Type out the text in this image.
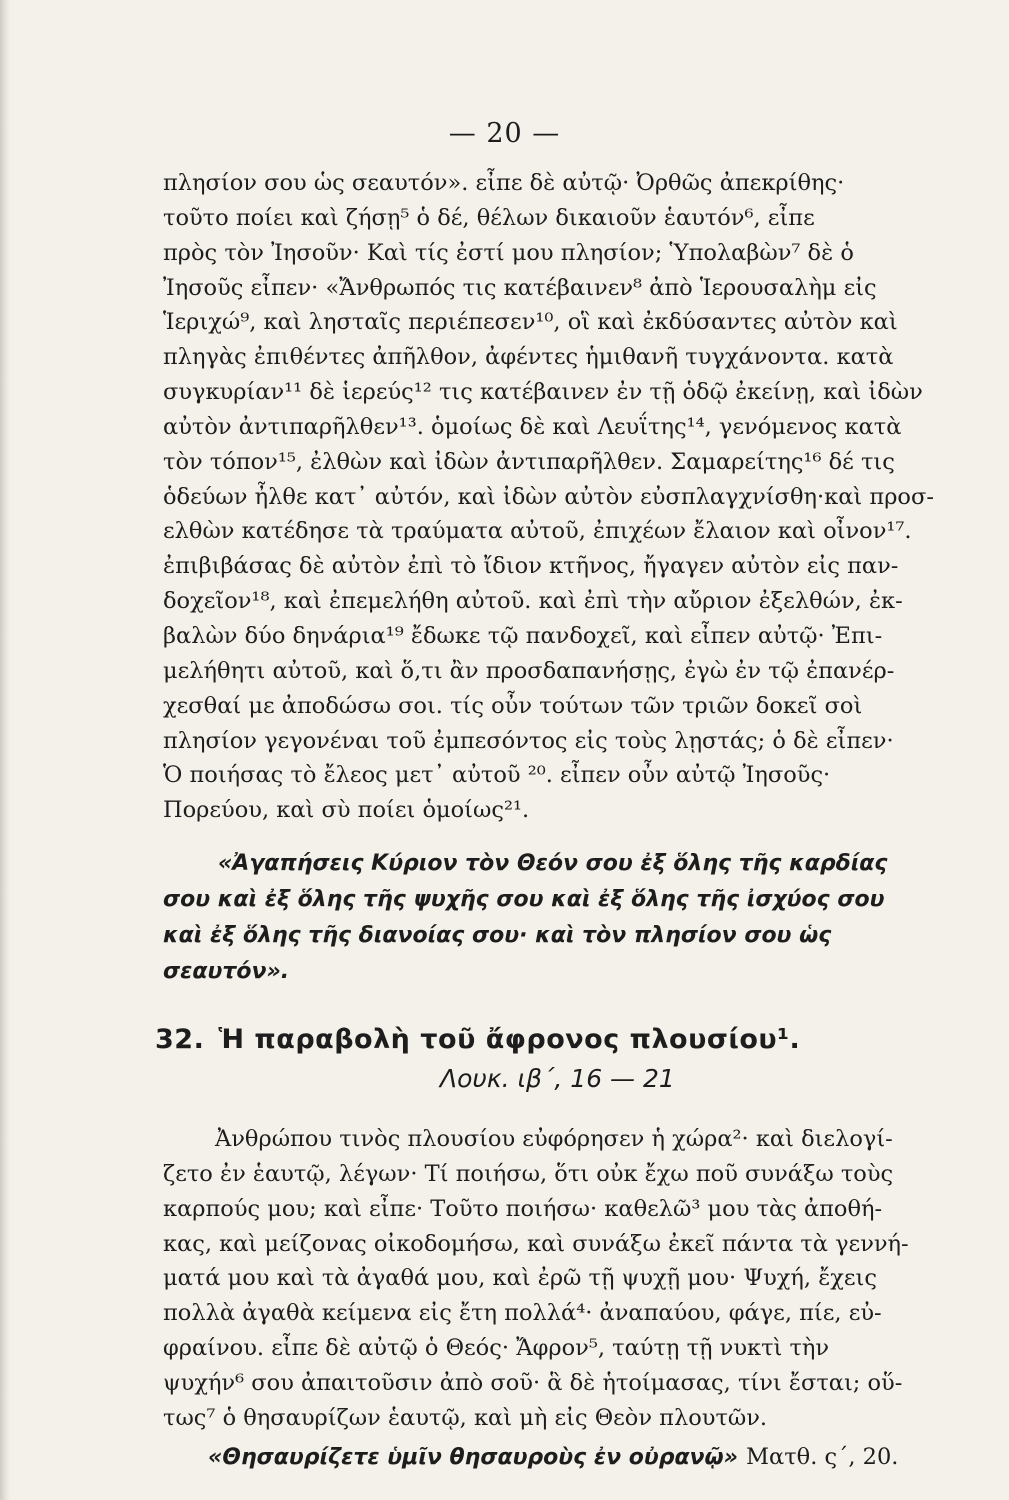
— 20 —
πλησίον σου ὡς σεαυτόν». εἶπε δὲ αὐτῷ· Ὀρθῶς ἀπεκρίθης·
τοῦτο ποίει καὶ ζήσῃ⁵ ὁ δέ, θέλων δικαιοῦν ἑαυτόν⁶, εἶπε
πρὸς τὸν Ἰησοῦν· Καὶ τίς ἐστί μου πλησίον; Ὑπολαβὼν⁷ δὲ ὁ
Ἰησοῦς εἶπεν· «Ἄνθρωπός τις κατέβαινεν⁸ ἀπὸ Ἱερουσαλὴμ εἰς
Ἱεριχώ⁹, καὶ λησταῖς περιέπεσεν¹⁰, οἳ καὶ ἐκδύσαντες αὐτὸν καὶ
πληγὰς ἐπιθέντες ἀπῆλθον, ἀφέντες ἡμιθανῆ τυγχάνοντα. κατὰ
συγκυρίαν¹¹ δὲ ἱερεύς¹² τις κατέβαινεν ἐν τῇ ὁδῷ ἐκείνῃ, καὶ ἰδὼν
αὐτὸν ἀντιπαρῆλθεν¹³. ὁμοίως δὲ καὶ Λευΐτης¹⁴, γενόμενος κατὰ
τὸν τόπον¹⁵, ἐλθὼν καὶ ἰδὼν ἀντιπαρῆλθεν. Σαμαρείτης¹⁶ δέ τις
ὁδεύων ἦλθε κατ᾽ αὐτόν, καὶ ἰδὼν αὐτὸν εὐσπλαγχνίσθη·καὶ προσ-
ελθὼν κατέδησε τὰ τραύματα αὐτοῦ, ἐπιχέων ἔλαιον καὶ οἶνον¹⁷.
ἐπιβιβάσας δὲ αὐτὸν ἐπὶ τὸ ἴδιον κτῆνος, ἤγαγεν αὐτὸν εἰς παν-
δοχεῖον¹⁸, καὶ ἐπεμελήθη αὐτοῦ. καὶ ἐπὶ τὴν αὔριον ἐξελθών, ἐκ-
βαλὼν δύο δηνάρια¹⁹ ἔδωκε τῷ πανδοχεῖ, καὶ εἶπεν αὐτῷ· Ἐπι-
μελήθητι αὐτοῦ, καὶ ὅ,τι ἂν προσδαπανήσῃς, ἐγὼ ἐν τῷ ἐπανέρ-
χεσθαί με ἀποδώσω σοι. τίς οὖν τούτων τῶν τριῶν δοκεῖ σοὶ
πλησίον γεγονέναι τοῦ ἐμπεσόντος εἰς τοὺς λῃστάς; ὁ δὲ εἶπεν·
Ὁ ποιήσας τὸ ἔλεος μετ᾽ αὐτοῦ ²⁰. εἶπεν οὖν αὐτῷ Ἰησοῦς·
Πορεύου, καὶ σὺ ποίει ὁμοίως²¹.
«Ἀγαπήσεις Κύριον τὸν Θεόν σου ἐξ ὅλης τῆς καρδίας
σου καὶ ἐξ ὅλης τῆς ψυχῆς σου καὶ ἐξ ὅλης τῆς ἰσχύος σου
καὶ ἐξ ὅλης τῆς διανοίας σου· καὶ τὸν πλησίον σου ὡς
σεαυτόν».
32. Ἡ παραβολὴ τοῦ ἄφρονος πλουσίου¹.
Λουκ. ιβ΄, 16 — 21
Ἀνθρώπου τινὸς πλουσίου εὐφόρησεν ἡ χώρα²· καὶ διελογί-
ζετο ἐν ἑαυτῷ, λέγων· Τί ποιήσω, ὅτι οὐκ ἔχω ποῦ συνάξω τοὺς
καρπούς μου; καὶ εἶπε· Τοῦτο ποιήσω· καθελῶ³ μου τὰς ἀποθή-
κας, καὶ μείζονας οἰκοδομήσω, καὶ συνάξω ἐκεῖ πάντα τὰ γεννή-
ματά μου καὶ τὰ ἀγαθά μου, καὶ ἐρῶ τῇ ψυχῇ μου· Ψυχή, ἔχεις
πολλὰ ἀγαθὰ κείμενα εἰς ἔτη πολλά⁴· ἀναπαύου, φάγε, πίε, εὐ-
φραίνου. εἶπε δὲ αὐτῷ ὁ Θεός· Ἄφρον⁵, ταύτῃ τῇ νυκτὶ τὴν
ψυχήν⁶ σου ἀπαιτοῦσιν ἀπὸ σοῦ· ἃ δὲ ἡτοίμασας, τίνι ἔσται; οὕ-
τως⁷ ὁ θησαυρίζων ἑαυτῷ, καὶ μὴ εἰς Θεὸν πλουτῶν.
«Θησαυρίζετε ὑμῖν θησαυροὺς ἐν οὐρανῷ» Ματθ. ς΄, 20.
